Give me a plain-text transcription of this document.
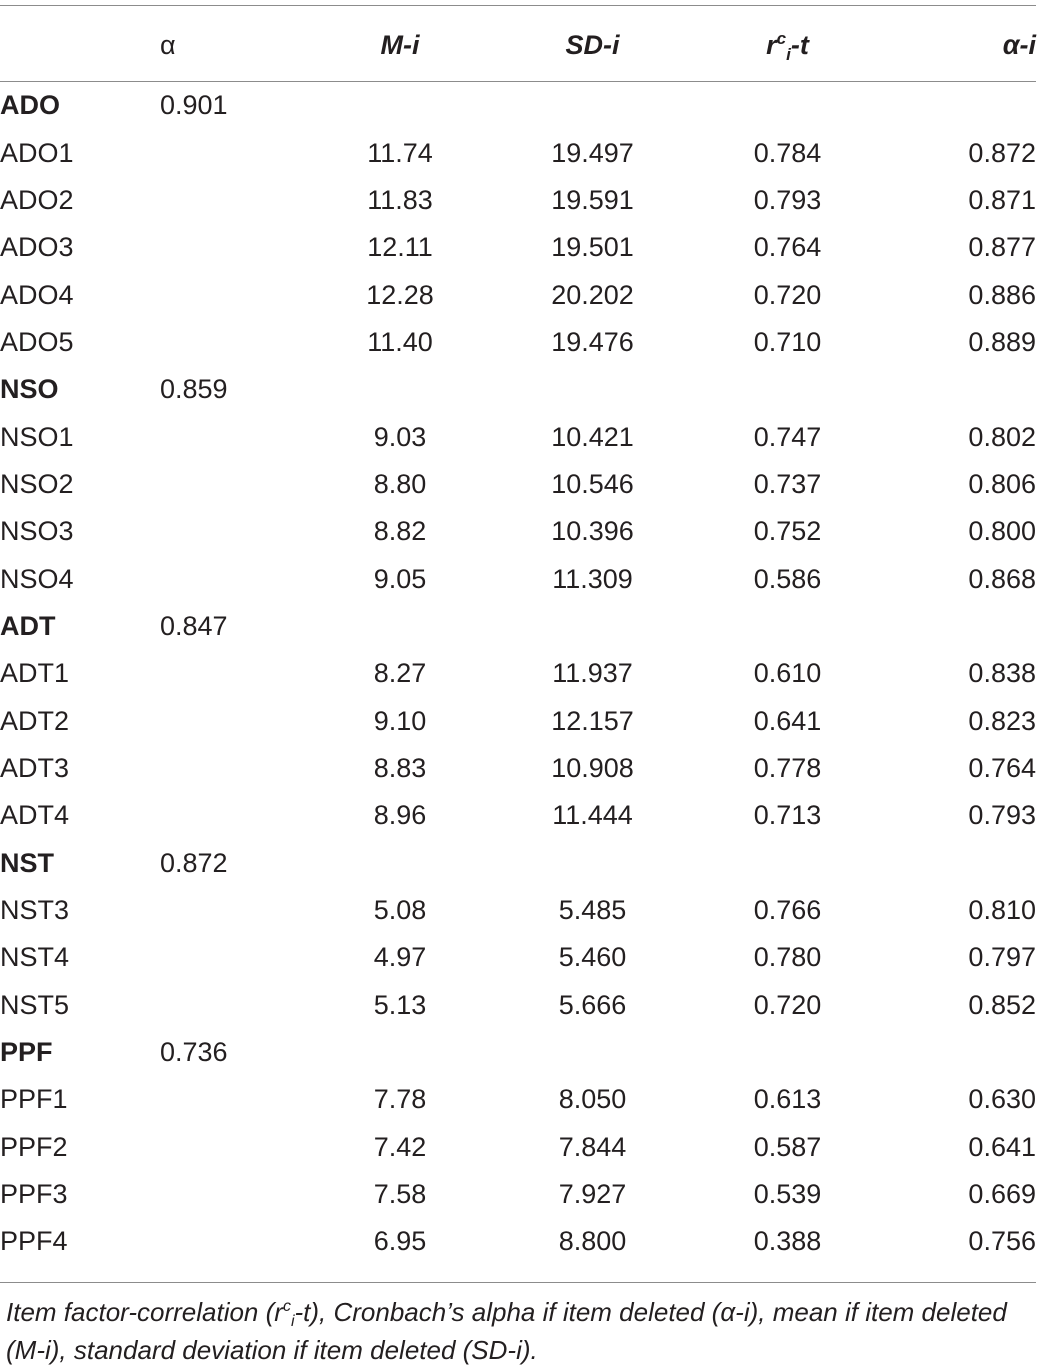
	α	M-i	SD-i	$r^c_i-t$	α-i
ADO	0.901				
ADO1		11.74	19.497	0.784	0.872
ADO2		11.83	19.591	0.793	0.871
ADO3		12.11	19.501	0.764	0.877
ADO4		12.28	20.202	0.720	0.886
ADO5		11.40	19.476	0.710	0.889
NSO	0.859				
NSO1		9.03	10.421	0.747	0.802
NSO2		8.80	10.546	0.737	0.806
NSO3		8.82	10.396	0.752	0.800
NSO4		9.05	11.309	0.586	0.868
ADT	0.847				
ADT1		8.27	11.937	0.610	0.838
ADT2		9.10	12.157	0.641	0.823
ADT3		8.83	10.908	0.778	0.764
ADT4		8.96	11.444	0.713	0.793
NST	0.872				
NST3		5.08	5.485	0.766	0.810
NST4		4.97	5.460	0.780	0.797
NST5		5.13	5.666	0.720	0.852
PPF	0.736				
PPF1		7.78	8.050	0.613	0.630
PPF2		7.42	7.844	0.587	0.641
PPF3		7.58	7.927	0.539	0.669
PPF4		6.95	8.800	0.388	0.756
Item factor-correlation $(r^c_i-t)$, Cronbach’s alpha if item deleted (α-i), mean if item deleted (M-i), standard deviation if item deleted (SD-i).
